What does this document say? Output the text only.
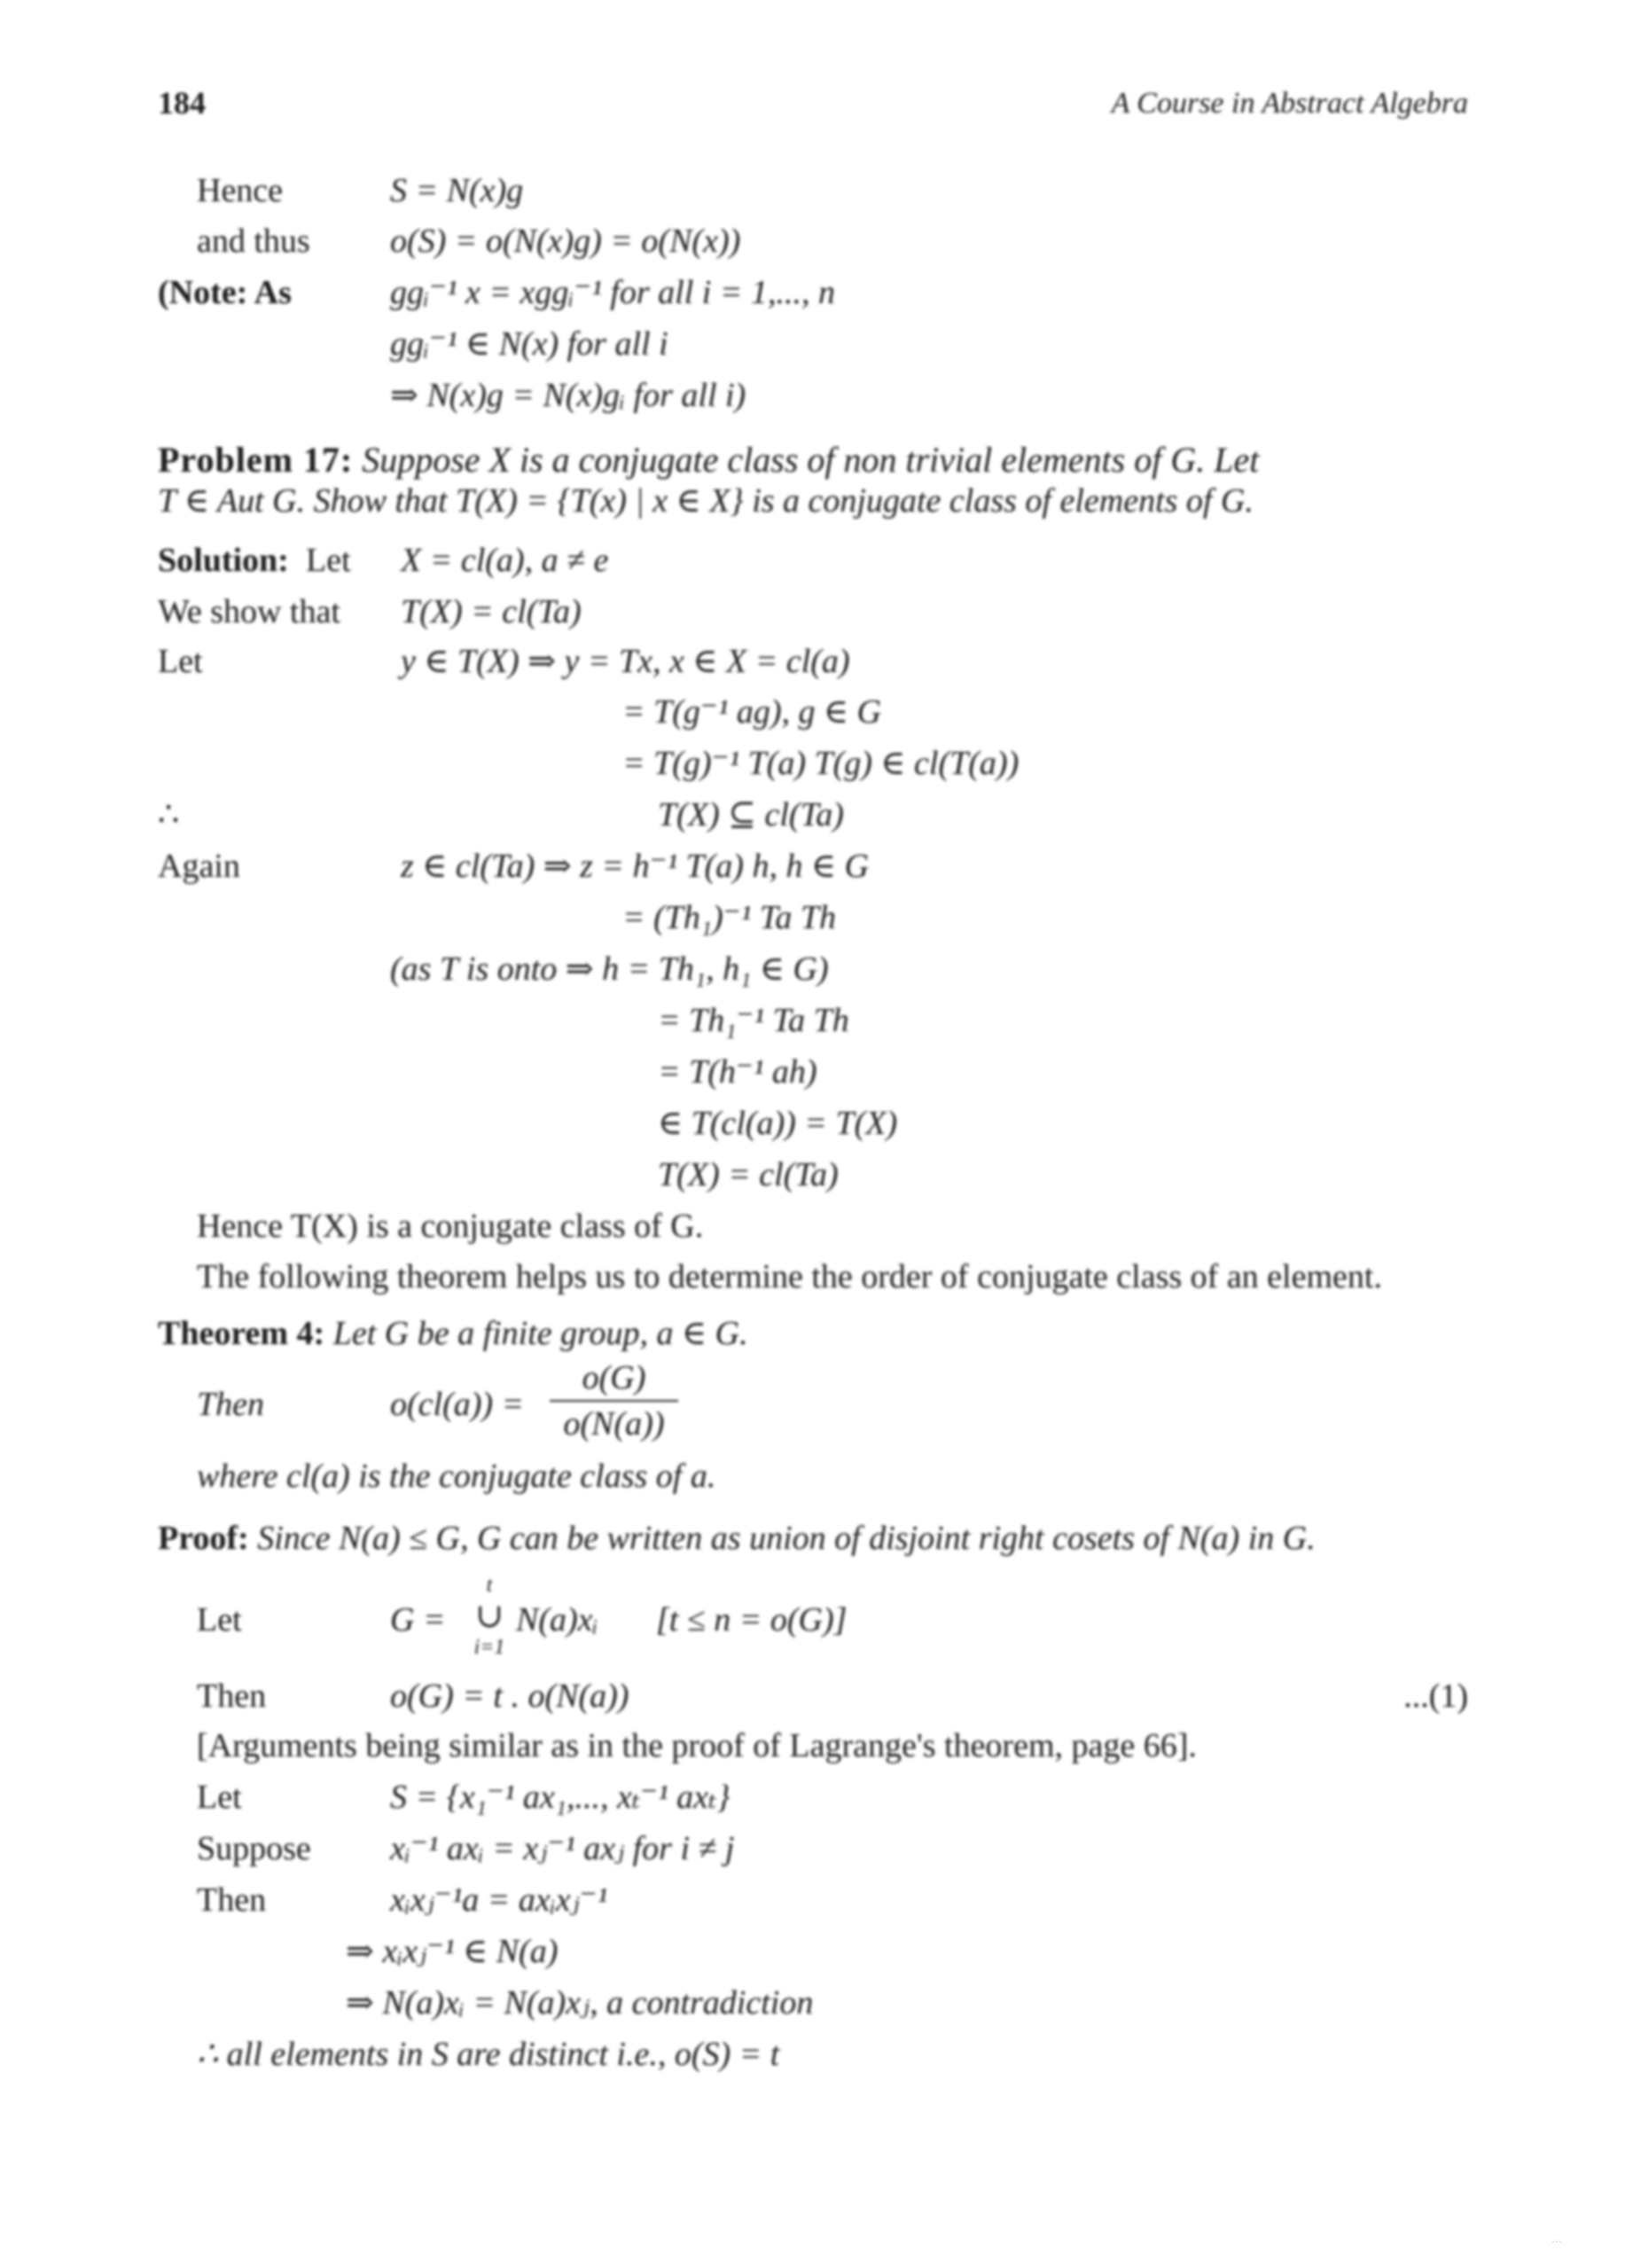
184	A Course in Abstract Algebra
Hence	S = N(x)g
and thus o(S) = o(N(x)g) = o(N(x))
(Note: As	ggᵢ⁻¹ x = xggᵢ⁻¹ for all i = 1,..., n
ggᵢ⁻¹ ∈ N(x) for all i
⇒ N(x)g = N(x)gᵢ for all i)
Problem 17: Suppose X is a conjugate class of non trivial elements of G. Let
T ∈ Aut G. Show that T(X) = {T(x) | x ∈ X} is a conjugate class of elements of G.
Solution: Let X = cl(a), a ≠ e
We show that T(X) = cl(Ta)
Let	y ∈ T(X) ⇒ y = Tx, x ∈ X = cl(a)
= T(g⁻¹ ag), g ∈ G
= T(g)⁻¹ T(a) T(g) ∈ cl(T(a))
∴	T(X) ⊆ cl(Ta)
Again	z ∈ cl(Ta) ⇒ z = h⁻¹ T(a) h, h ∈ G
= (Th₁)⁻¹ Ta Th
(as T is onto ⇒ h = Th₁, h₁ ∈ G)
= Th₁⁻¹ Ta Th
= T(h⁻¹ ah)
∈ T(cl(a)) = T(X)
T(X) = cl(Ta)
Hence T(X) is a conjugate class of G.
The following theorem helps us to determine the order of conjugate class of an element.
Theorem 4: Let G be a finite group, a ∈ G.
Then	$o(cl(a)) = \frac{o(G)}{o(N(a))}$
where cl(a) is the conjugate class of a.
Proof: Since N(a) ≤ G, G can be written as union of disjoint right cosets of N(a) in G.
Let	G =
t
∪
i=1
N(a)xᵢ [t ≤ n = o(G)]
Then	o(G) = t . o(N(a))	...(1)
[Arguments being similar as in the proof of Lagrange's theorem, page 66].
Let	S = {x₁⁻¹ ax₁,..., xₜ⁻¹ axₜ}
Suppose xᵢ⁻¹ axᵢ = xⱼ⁻¹ axⱼ for i ≠ j
Then	xᵢxⱼ⁻¹a = axᵢxⱼ⁻¹
⇒ xᵢxⱼ⁻¹ ∈ N(a)
⇒ N(a)xᵢ = N(a)xⱼ, a contradiction
∴ all elements in S are distinct i.e., o(S) = t
···
